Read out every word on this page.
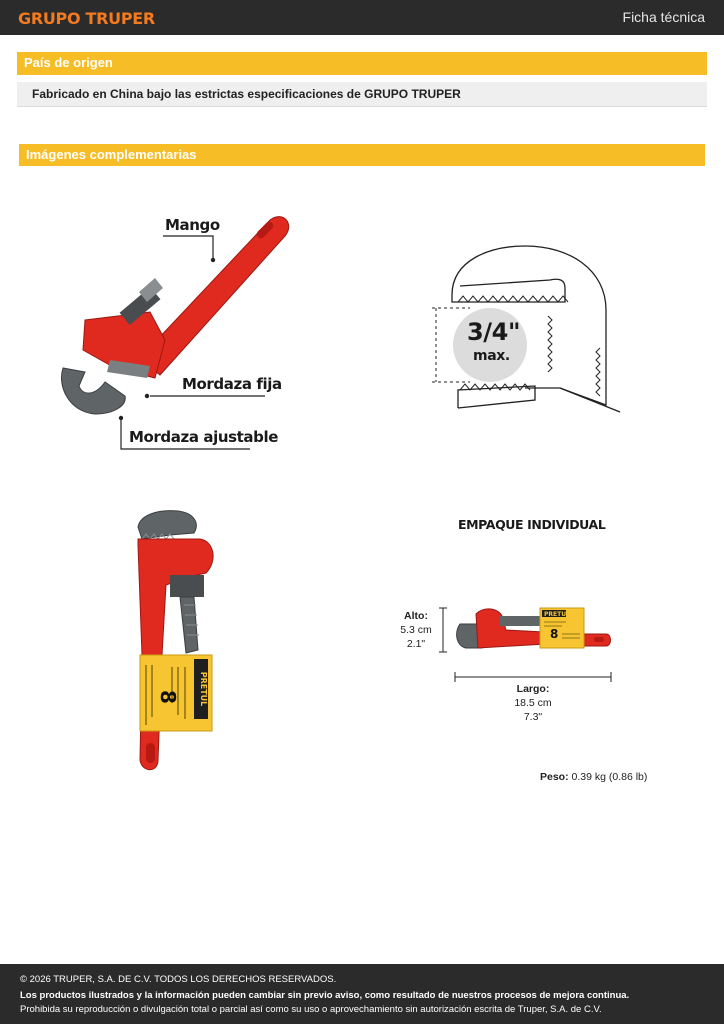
GRUPO TRUPER	Ficha técnica
País de origen
Fabricado en China bajo las estrictas especificaciones de GRUPO TRUPER
Imágenes complementarias
Mango
Mordaza fija
Mordaza ajustable
3/4"
max.
8 PRETUL
EMPAQUE INDIVIDUAL
Alto:
5.3 cm
2.1"
PRETUL
8
Largo:
18.5 cm
7.3"
Peso: 0.39 kg (0.86 lb)
© 2026 TRUPER, S.A. DE C.V. TODOS LOS DERECHOS RESERVADOS.
Los productos ilustrados y la información pueden cambiar sin previo aviso, como resultado de nuestros procesos de mejora continua.
Prohibida su reproducción o divulgación total o parcial así como su uso o aprovechamiento sin autorización escrita de Truper, S.A. de C.V.
